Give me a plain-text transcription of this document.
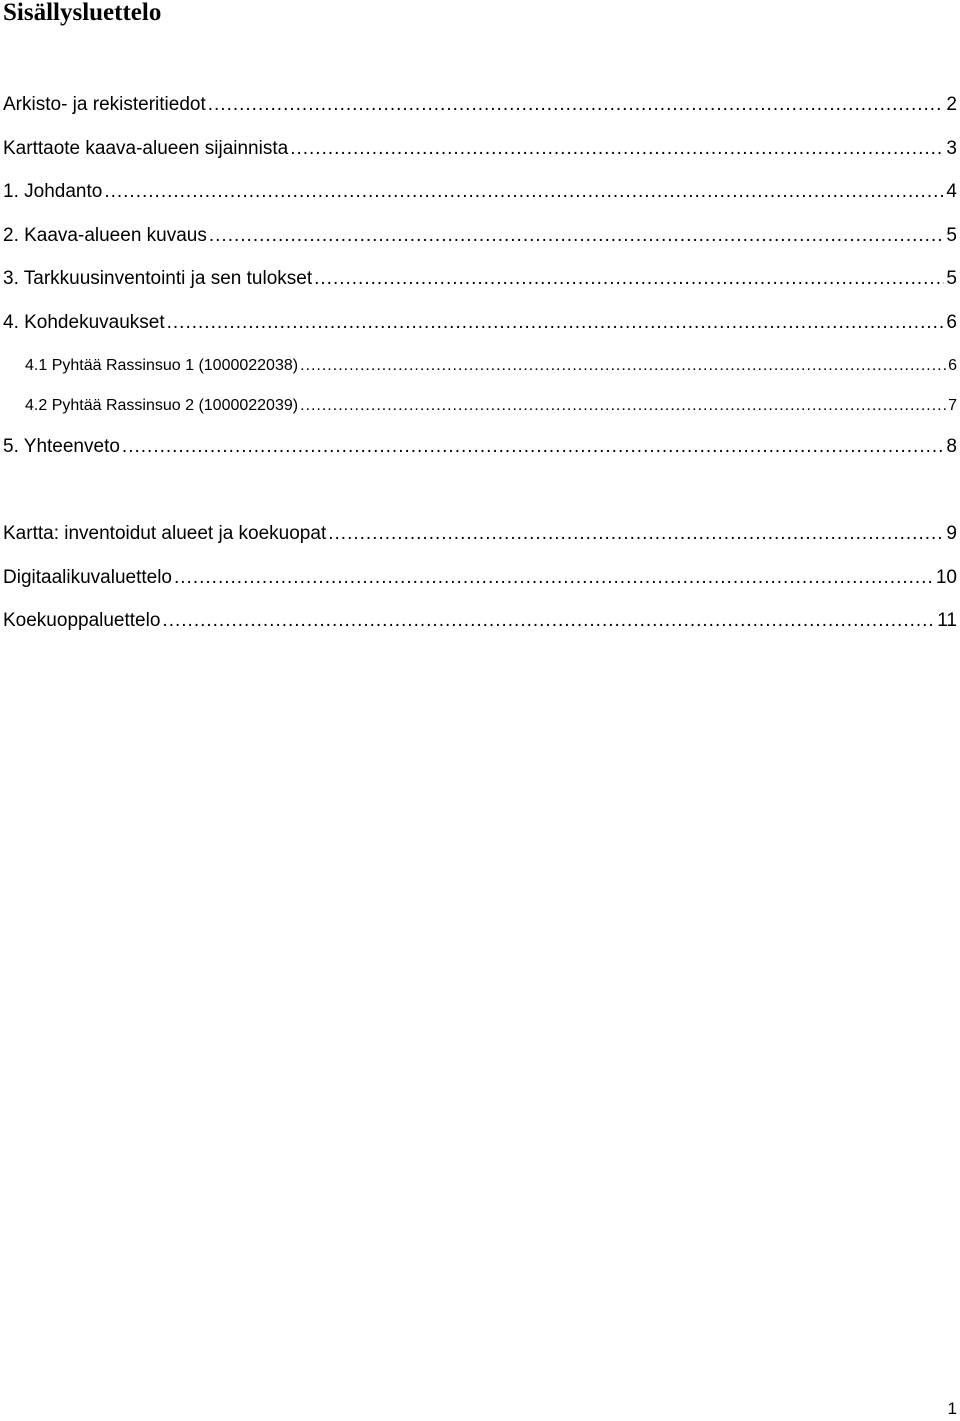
Sisällysluettelo
Arkisto- ja rekisteritiedot .....	2
Karttaote kaava-alueen sijainnista .....	3
1. Johdanto .....	4
2. Kaava-alueen kuvaus .....	5
3. Tarkkuusinventointi ja sen tulokset .....	5
4. Kohdekuvaukset .....	6
4.1 Pyhtää Rassinsuo 1 (1000022038) .....	6
4.2 Pyhtää Rassinsuo 2 (1000022039) .....	7
5. Yhteenveto .....	8
Kartta: inventoidut alueet ja koekuopat .....	9
Digitaalikuvaluettelo .....	10
Koekuoppaluettelo .....	11
1
